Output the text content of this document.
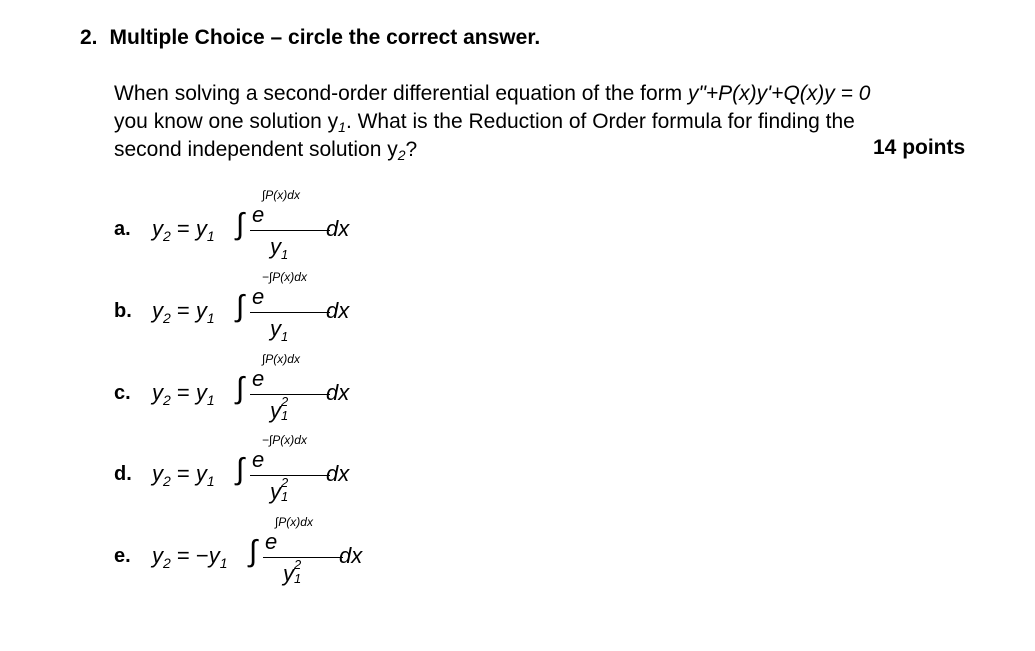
2. Multiple Choice – circle the correct answer.
When solving a second-order differential equation of the form y"+P(x)y'+Q(x)y = 0
you know one solution $y_1$. What is the Reduction of Order formula for finding the
second independent solution $y_2$?	14 points
a. $y_2 = y_1$ ∫ e
∫P(x)dx
$y_1$
dx
b. $y_2 = y_1$ ∫ e
−∫P(x)dx
$y_1$
dx
c. $y_2 = y_1$ ∫ e
∫P(x)dx
y 2
1
dx
d. $y_2 = y_1$ ∫ e
−∫P(x)dx
y 2
1
dx
e. $y_2 = -y_1$ ∫ e
∫P(x)dx
y 2
1
dx
